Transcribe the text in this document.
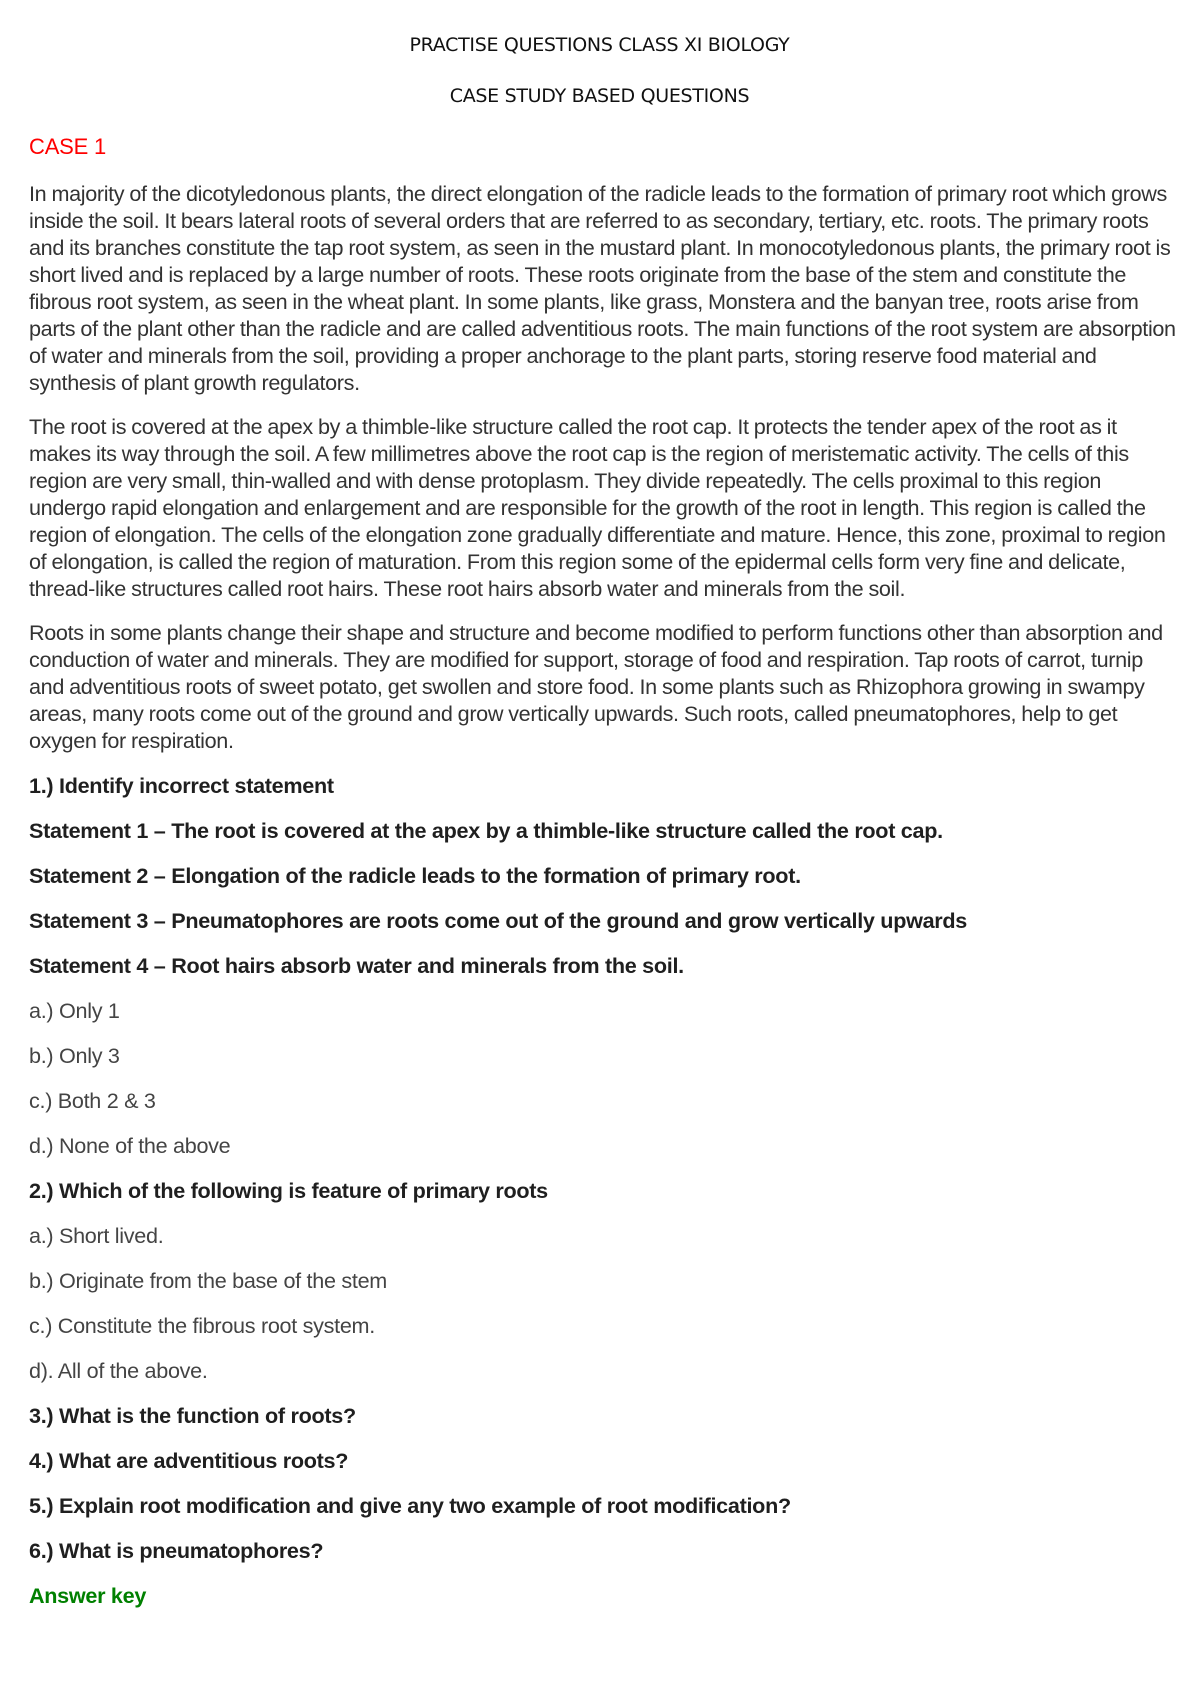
PRACTISE QUESTIONS CLASS XI BIOLOGY
CASE STUDY BASED QUESTIONS
CASE 1

In majority of the dicotyledonous plants, the direct elongation of the radicle leads to the formation of primary root which grows inside the soil. It bears lateral roots of several orders that are referred to as secondary, tertiary, etc. roots. The primary roots and its branches constitute the tap root system, as seen in the mustard plant. In monocotyledonous plants, the primary root is short lived and is replaced by a large number of roots. These roots originate from the base of the stem and constitute the fibrous root system, as seen in the wheat plant. In some plants, like grass, Monstera and the banyan tree, roots arise from parts of the plant other than the radicle and are called adventitious roots. The main functions of the root system are absorption of water and minerals from the soil, providing a proper anchorage to the plant parts, storing reserve food material and synthesis of plant growth regulators.

The root is covered at the apex by a thimble-like structure called the root cap. It protects the tender apex of the root as it makes its way through the soil. A few millimetres above the root cap is the region of meristematic activity. The cells of this region are very small, thin-walled and with dense protoplasm. They divide repeatedly. The cells proximal to this region undergo rapid elongation and enlargement and are responsible for the growth of the root in length. This region is called the region of elongation. The cells of the elongation zone gradually differentiate and mature. Hence, this zone, proximal to region of elongation, is called the region of maturation. From this region some of the epidermal cells form very fine and delicate, thread-like structures called root hairs. These root hairs absorb water and minerals from the soil.

Roots in some plants change their shape and structure and become modified to perform functions other than absorption and conduction of water and minerals. They are modified for support, storage of food and respiration. Tap roots of carrot, turnip and adventitious roots of sweet potato, get swollen and store food. In some plants such as Rhizophora growing in swampy areas, many roots come out of the ground and grow vertically upwards. Such roots, called pneumatophores, help to get oxygen for respiration.

1.) Identify incorrect statement
Statement 1 – The root is covered at the apex by a thimble-like structure called the root cap.
Statement 2 – Elongation of the radicle leads to the formation of primary root.
Statement 3 – Pneumatophores are roots come out of the ground and grow vertically upwards
Statement 4 – Root hairs absorb water and minerals from the soil.
a.) Only 1
b.) Only 3
c.) Both 2 & 3
d.) None of the above
2.) Which of the following is feature of primary roots
a.) Short lived.
b.) Originate from the base of the stem
c.) Constitute the fibrous root system.
d). All of the above.
3.) What is the function of roots?
4.) What are adventitious roots?
5.) Explain root modification and give any two example of root modification?
6.) What is pneumatophores?
Answer key
